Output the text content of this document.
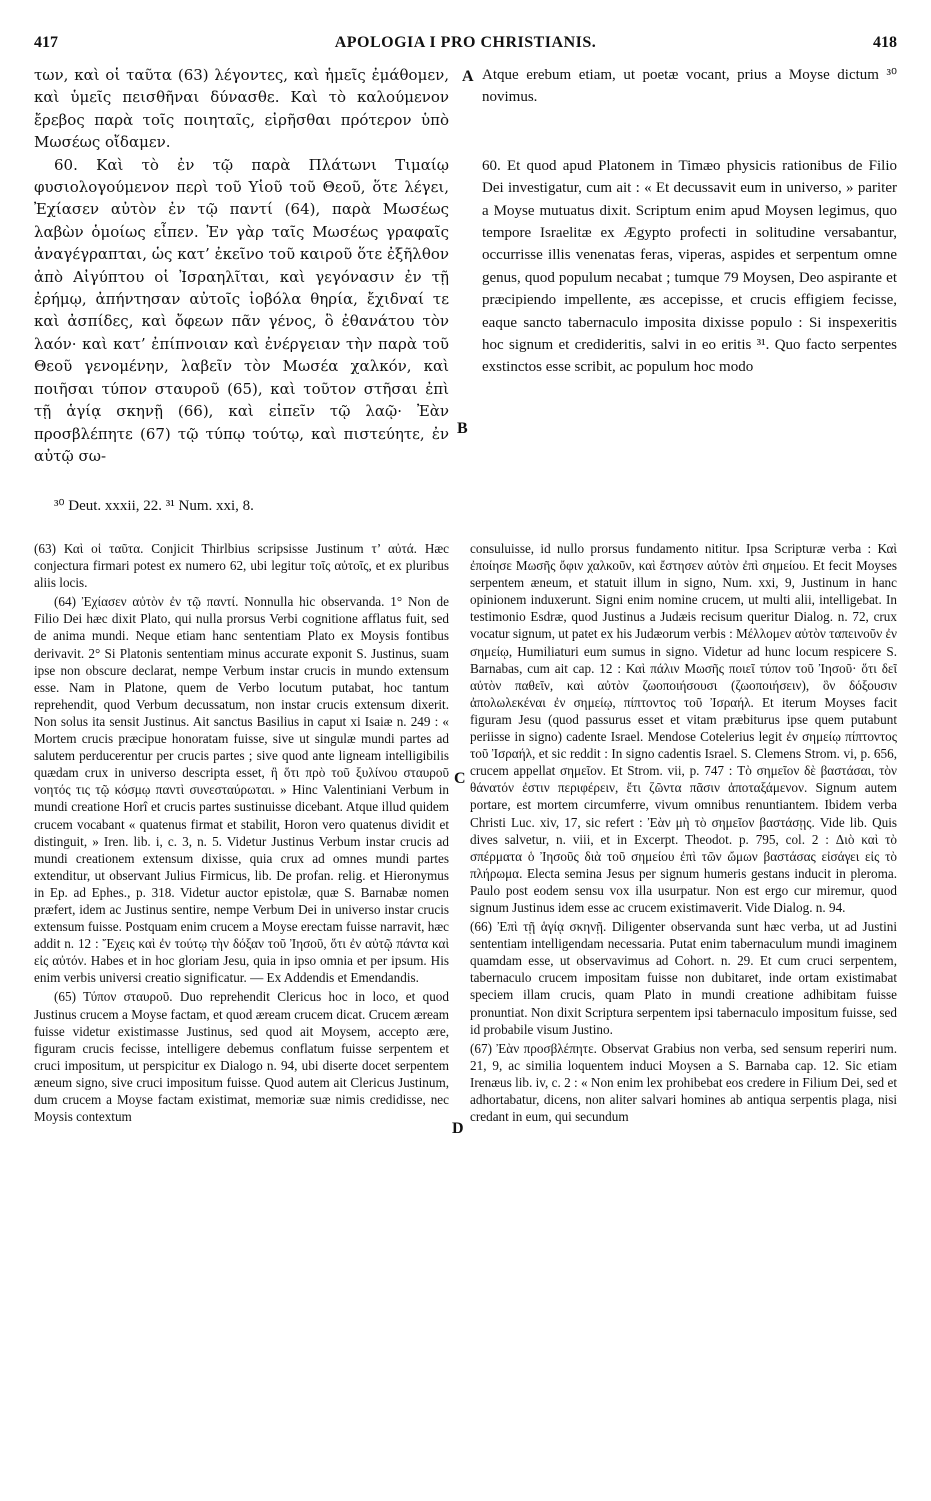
417	APOLOGIA I PRO CHRISTIANIS.	418

των, καὶ οἱ ταῦτα (63) λέγοντες, καὶ ἡμεῖς ἐμάθομεν, καὶ ὑμεῖς πεισθῆναι δύνασθε. Καὶ τὸ καλούμενον ἔρεβος παρὰ τοῖς ποιηταῖς, εἰρῆσθαι πρότερον ὑπὸ Μωσέως οἴδαμεν.

60. Καὶ τὸ ἐν τῷ παρὰ Πλάτωνι Τιμαίῳ φυσιολογούμενον περὶ τοῦ Υἱοῦ τοῦ Θεοῦ, ὅτε λέγει, Ἐχίασεν αὐτὸν ἐν τῷ παντί (64), παρὰ Μωσέως λαβὼν ὁμοίως εἶπεν. Ἐν γὰρ ταῖς Μωσέως γραφαῖς ἀναγέγραπται, ὡς κατ’ ἐκεῖνο τοῦ καιροῦ ὅτε ἐξῆλθον ἀπὸ Αἰγύπτου οἱ Ἰσραηλῖται, καὶ γεγόνασιν ἐν τῇ ἐρήμῳ, ἀπήντησαν αὐτοῖς ἰοβόλα θηρία, ἔχιδναί τε καὶ ἀσπίδες, καὶ ὄφεων πᾶν γένος, ὃ ἐθανάτου τὸν λαόν· καὶ κατ’ ἐπίπνοιαν καὶ ἐνέργειαν τὴν παρὰ τοῦ Θεοῦ γενομένην, λαβεῖν τὸν Μωσέα χαλκόν, καὶ ποιῆσαι τύπον σταυροῦ (65), καὶ τοῦτον στῆσαι ἐπὶ τῇ ἁγίᾳ σκηνῇ (66), καὶ εἰπεῖν τῷ λαῷ· Ἐὰν προσβλέπητε (67) τῷ τύπῳ τούτῳ, καὶ πιστεύητε, ἐν αὐτῷ σω-

Atque erebum etiam, ut poetæ vocant, prius a Moyse dictum ³⁰ novimus.

60. Et quod apud Platonem in Timæo physicis rationibus de Filio Dei investigatur, cum ait : « Et decussavit eum in universo, » pariter a Moyse mutuatus dixit. Scriptum enim apud Moysen legimus, quo tempore Israelitæ ex Ægypto profecti in solitudine versabantur, occurrisse illis venenatas feras, viperas, aspides et serpentum omne genus, quod populum necabat ; tumque 79 Moysen, Deo aspirante et præcipiendo impellente, æs accepisse, et crucis effigiem fecisse, eaque sancto tabernaculo imposita dixisse populo : Si inspexeritis hoc signum et credideritis, salvi in eo eritis ³¹. Quo facto serpentes exstinctos esse scribit, ac populum hoc modo

A
B
C
D
³⁰ Deut. xxxii, 22. ³¹ Num. xxi, 8.

(63) Καὶ οἱ ταῦτα. Conjicit Thirlbius scripsisse Justinum τ’ αὐτά. Hæc conjectura firmari potest ex numero 62, ubi legitur τοῖς αὐτοῖς, et ex pluribus aliis locis.

(64) Ἐχίασεν αὐτὸν ἐν τῷ παντί. Nonnulla hic observanda. 1° Non de Filio Dei hæc dixit Plato, qui nulla prorsus Verbi cognitione afflatus fuit, sed de anima mundi. Neque etiam hanc sententiam Plato ex Moysis fontibus derivavit. 2° Si Platonis sententiam minus accurate exponit S. Justinus, suam ipse non obscure declarat, nempe Verbum instar crucis in mundo extensum esse. Nam in Platone, quem de Verbo locutum putabat, hoc tantum reprehendit, quod Verbum decussatum, non instar crucis extensum dixerit. Non solus ita sensit Justinus. Ait sanctus Basilius in caput xi Isaiæ n. 249 : « Mortem crucis præcipue honoratam fuisse, sive ut singulæ mundi partes ad salutem perducerentur per crucis partes ; sive quod ante ligneam intelligibilis quædam crux in universo descripta esset, ἢ ὅτι πρὸ τοῦ ξυλίνου σταυροῦ νοητός τις τῷ κόσμῳ παντὶ συνεσταύρωται. » Hinc Valentiniani Verbum in mundi creatione Horî et crucis partes sustinuisse dicebant. Atque illud quidem crucem vocabant « quatenus firmat et stabilit, Horon vero quatenus dividit et distinguit, » Iren. lib. i, c. 3, n. 5. Videtur Justinus Verbum instar crucis ad mundi creationem extensum dixisse, quia crux ad omnes mundi partes extenditur, ut observant Julius Firmicus, lib. De profan. relig. et Hieronymus in Ep. ad Ephes., p. 318. Videtur auctor epistolæ, quæ S. Barnabæ nomen præfert, idem ac Justinus sentire, nempe Verbum Dei in universo instar crucis extensum fuisse. Postquam enim crucem a Moyse erectam fuisse narravit, hæc addit n. 12 : Ἔχεις καὶ ἐν τούτῳ τὴν δόξαν τοῦ Ἰησοῦ, ὅτι ἐν αὐτῷ πάντα καὶ εἰς αὐτόν. Habes et in hoc gloriam Jesu, quia in ipso omnia et per ipsum. His enim verbis universi creatio significatur. — Ex Addendis et Emendandis.

(65) Τύπον σταυροῦ. Duo reprehendit Clericus hoc in loco, et quod Justinus crucem a Moyse factam, et quod æream crucem dicat. Crucem æream fuisse videtur existimasse Justinus, sed quod ait Moysem, accepto ære, figuram crucis fecisse, intelligere debemus conflatum fuisse serpentem et cruci impositum, ut perspicitur ex Dialogo n. 94, ubi diserte docet serpentem æneum signo, sive cruci impositum fuisse. Quod autem ait Clericus Justinum, dum crucem a Moyse factam existimat, memoriæ suæ nimis credidisse, nec Moysis contextum

consuluisse, id nullo prorsus fundamento nititur. Ipsa Scripturæ verba : Καὶ ἐποίησε Μωσῆς ὄφιν χαλκοῦν, καὶ ἔστησεν αὐτὸν ἐπὶ σημείου. Et fecit Moyses serpentem æneum, et statuit illum in signo, Num. xxi, 9, Justinum in hanc opinionem induxerunt. Signi enim nomine crucem, ut multi alii, intelligebat. In testimonio Esdræ, quod Justinus a Judæis recisum queritur Dialog. n. 72, crux vocatur signum, ut patet ex his Judæorum verbis : Μέλλομεν αὐτὸν ταπεινοῦν ἐν σημείῳ, Humiliaturi eum sumus in signo. Videtur ad hunc locum respicere S. Barnabas, cum ait cap. 12 : Καὶ πάλιν Μωσῆς ποιεῖ τύπον τοῦ Ἰησοῦ· ὅτι δεῖ αὐτὸν παθεῖν, καὶ αὐτὸν ζωοποιήσουσι (ζωοποιήσειν), ὃν δόξουσιν ἀπολωλεκέναι ἐν σημείῳ, πίπτοντος τοῦ Ἰσραήλ. Et iterum Moyses facit figuram Jesu (quod passurus esset et vitam præbiturus ipse quem putabunt periisse in signo) cadente Israel. Mendose Cotelerius legit ἐν σημείῳ πίπτοντος τοῦ Ἰσραήλ, et sic reddit : In signo cadentis Israel. S. Clemens Strom. vi, p. 656, crucem appellat σημεῖον. Et Strom. vii, p. 747 : Τὸ σημεῖον δὲ βαστάσαι, τὸν θάνατόν ἐστιν περιφέρειν, ἔτι ζῶντα πᾶσιν ἀποταξάμενον. Signum autem portare, est mortem circumferre, vivum omnibus renuntiantem. Ibidem verba Christi Luc. xiv, 17, sic refert : Ἐὰν μὴ τὸ σημεῖον βαστάσῃς. Vide lib. Quis dives salvetur, n. viii, et in Excerpt. Theodot. p. 795, col. 2 : Διὸ καὶ τὸ σπέρματα ὁ Ἰησοῦς διὰ τοῦ σημείου ἐπὶ τῶν ὤμων βαστάσας εἰσάγει εἰς τὸ πλήρωμα. Electa semina Jesus per signum humeris gestans inducit in pleroma. Paulo post eodem sensu vox illa usurpatur. Non est ergo cur miremur, quod signum Justinus idem esse ac crucem existimaverit. Vide Dialog. n. 94.

(66) Ἐπὶ τῇ ἁγίᾳ σκηνῇ. Diligenter observanda sunt hæc verba, ut ad Justini sententiam intelligendam necessaria. Putat enim tabernaculum mundi imaginem quamdam esse, ut observavimus ad Cohort. n. 29. Et cum cruci serpentem, tabernaculo crucem impositam fuisse non dubitaret, inde ortam existimabat speciem illam crucis, quam Plato in mundi creatione adhibitam fuisse pronuntiat. Non dixit Scriptura serpentem ipsi tabernaculo impositum fuisse, sed id probabile visum Justino.

(67) Ἐὰν προσβλέπητε. Observat Grabius non verba, sed sensum reperiri num. 21, 9, ac similia loquentem induci Moysen a S. Barnaba cap. 12. Sic etiam Irenæus lib. iv, c. 2 : « Non enim lex prohibebat eos credere in Filium Dei, sed et adhortabatur, dicens, non aliter salvari homines ab antiqua serpentis plaga, nisi credant in eum, qui secundum
